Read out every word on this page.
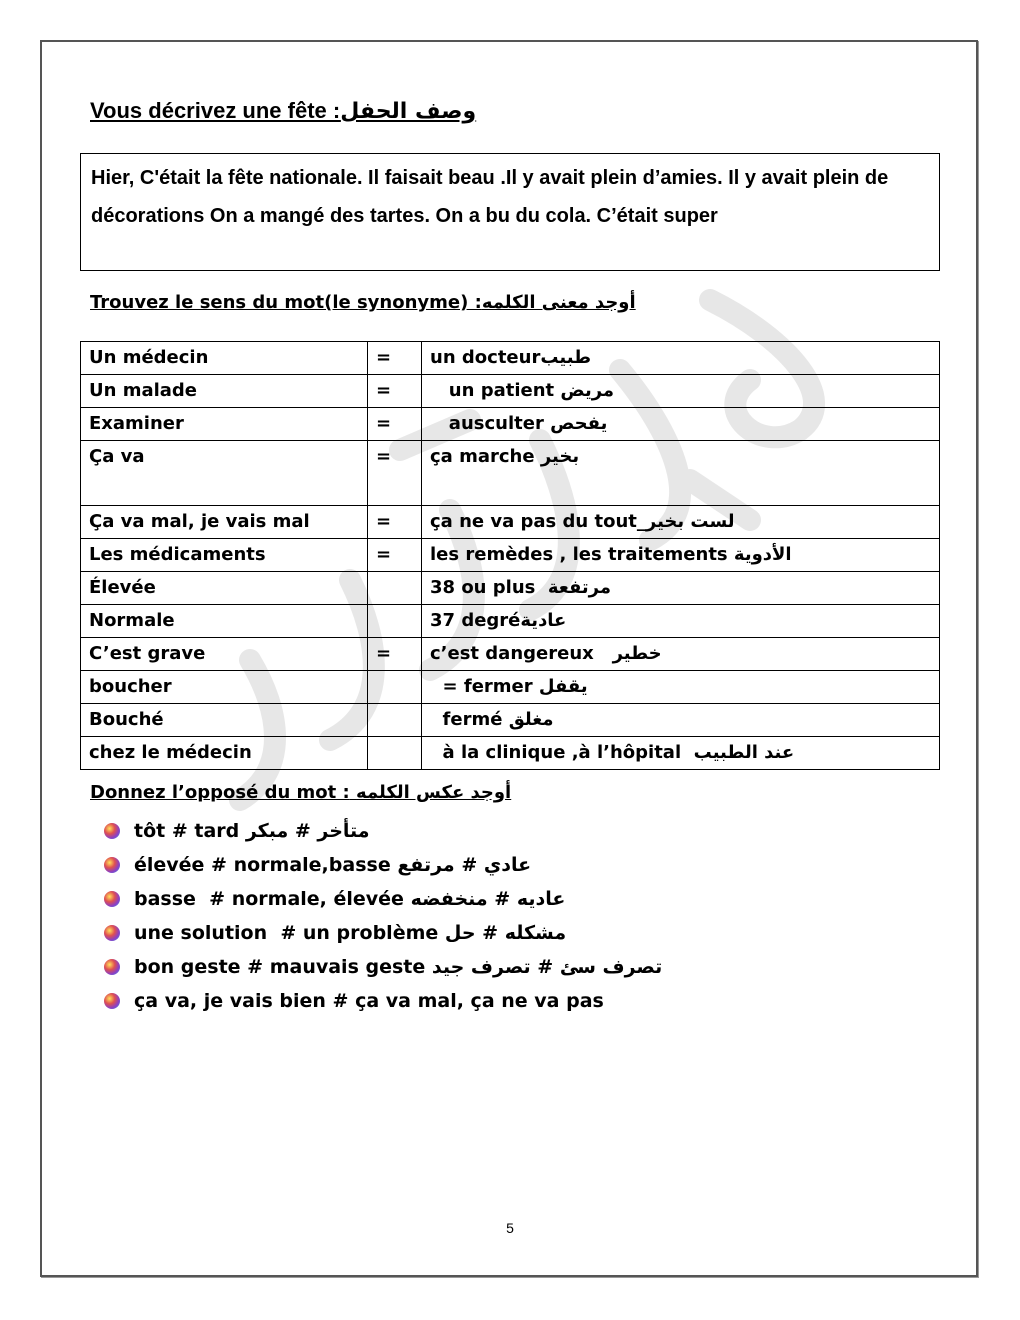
Vous décrivez une fête :وصف الحفل
Hier, C'était la fête nationale. Il faisait beau .Il y avait plein d’amies. Il y avait plein de décorations On a mangé des tartes. On a bu du cola. C’était super
Trouvez le sens du mot(le synonyme) :أوجد معنى الكلمه
Un médecin	=	un docteurطبيب
Un malade	=	un patient مريض
Examiner	=	ausculter يفحص
Ça va	=	ça marche بخير
Ça va mal, je vais mal	=	ça ne va pas du tout_لست بخير
Les médicaments	=	les remèdes , les traitements الأدوية
Élevée		38 ou plus  مرتفعة
Normale		37 degréعادية
C’est grave	=	c’est dangereux   خطير
boucher		= fermer يقفل
Bouché		fermé مغلق
chez le médecin		à la clinique ,à l’hôpital  عند الطبيب
Donnez l’opposé du mot : أوجد عكس الكلمه
tôt # tard متأخر # مبكر
élevée # normale,basse عادي # مرتفع
basse  # normale, élevée عاديه # منخفضه
une solution  # un problème مشكله # حل
bon geste # mauvais geste تصرف سئ # تصرف جيد
ça va, je vais bien # ça va mal, ça ne va pas
5
